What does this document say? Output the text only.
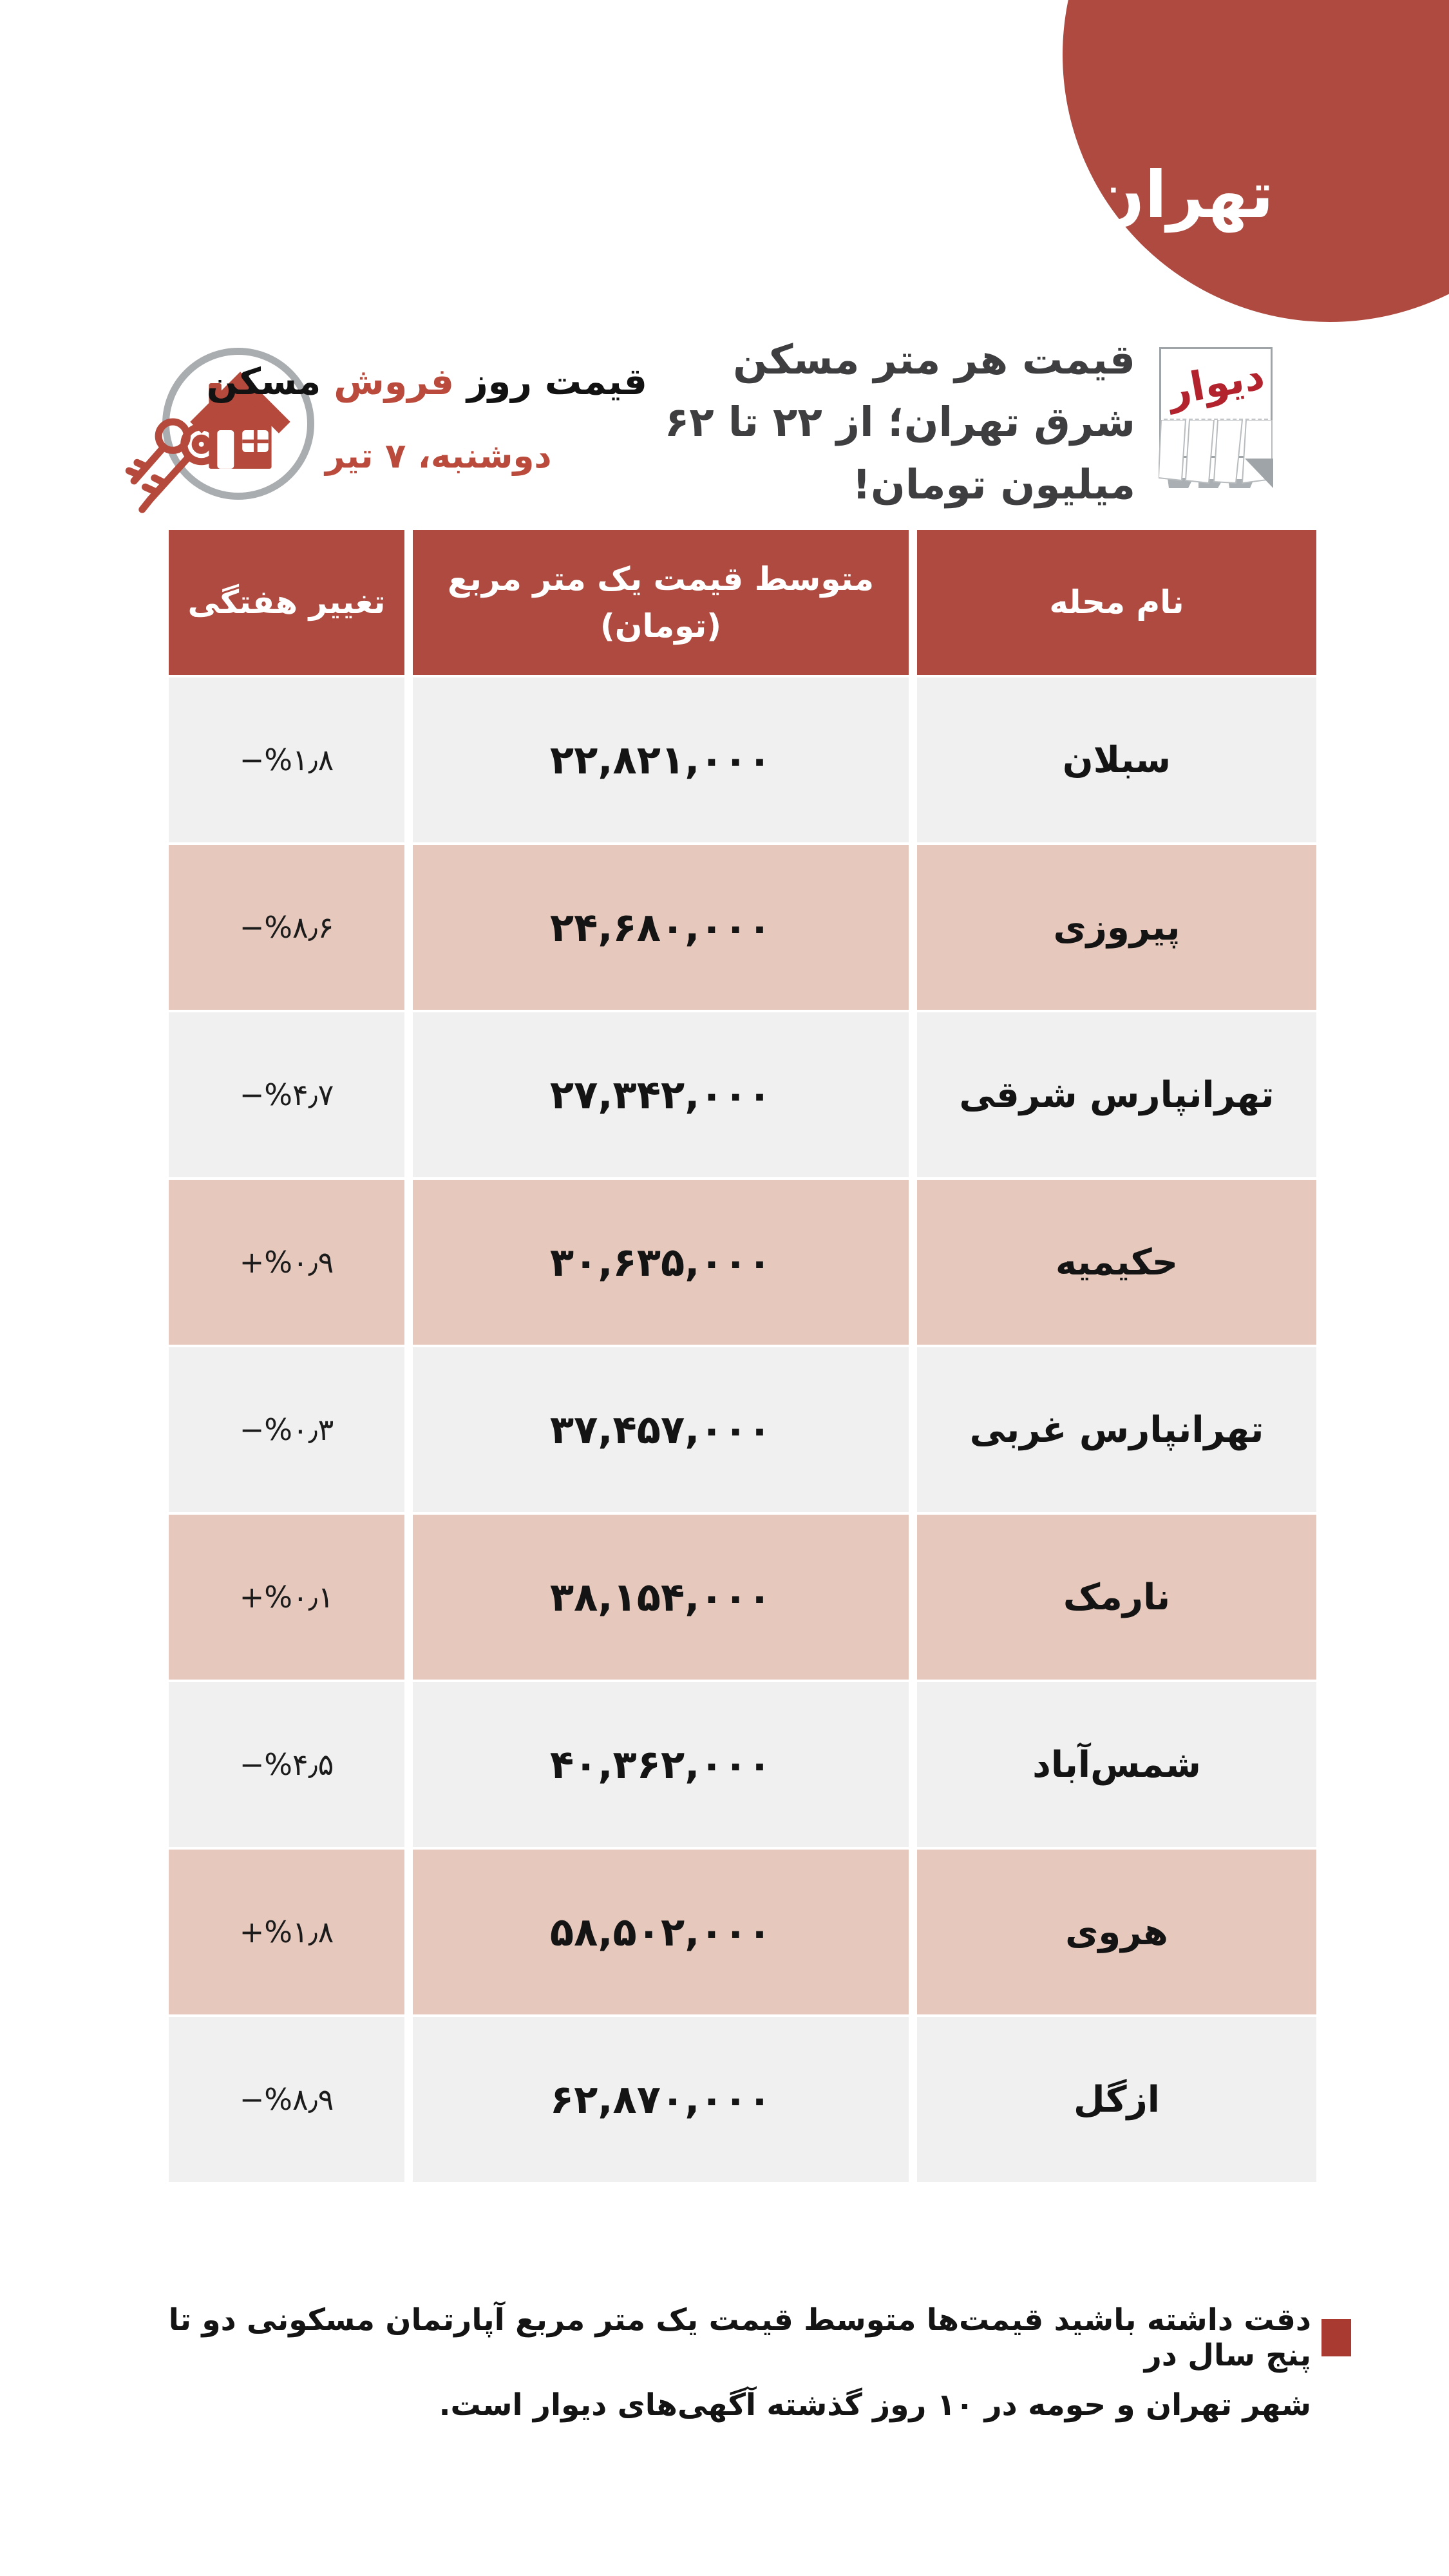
تهران
دیوار
قیمت هر متر مسکن
شرق تهران؛ از ۲۲ تا ۶۲
میلیون تومان!
قیمت روز فروش مسکن
دوشنبه، ۷ تیر
نام محله
متوسط قیمت یک متر مربع
(تومان)
تغییر هفتگی
سبلان
۲۲,۸۲۱,۰۰۰
−%۱٫۸
پیروزی
۲۴,۶۸۰,۰۰۰
−%۸٫۶
تهرانپارس شرقی
۲۷,۳۴۲,۰۰۰
−%۴٫۷
حکیمیه
۳۰,۶۳۵,۰۰۰
+%۰٫۹
تهرانپارس غربی
۳۷,۴۵۷,۰۰۰
−%۰٫۳
نارمک
۳۸,۱۵۴,۰۰۰
+%۰٫۱
شمس‌آباد
۴۰,۳۶۲,۰۰۰
−%۴٫۵
هروی
۵۸,۵۰۲,۰۰۰
+%۱٫۸
ازگل
۶۲,۸۷۰,۰۰۰
−%۸٫۹
دقت داشته باشید قیمت‌ها متوسط قیمت یک متر مربع آپارتمان مسکونی دو تا پنج سال در
شهر تهران و حومه در ۱۰ روز گذشته آگهی‌های دیوار است.
